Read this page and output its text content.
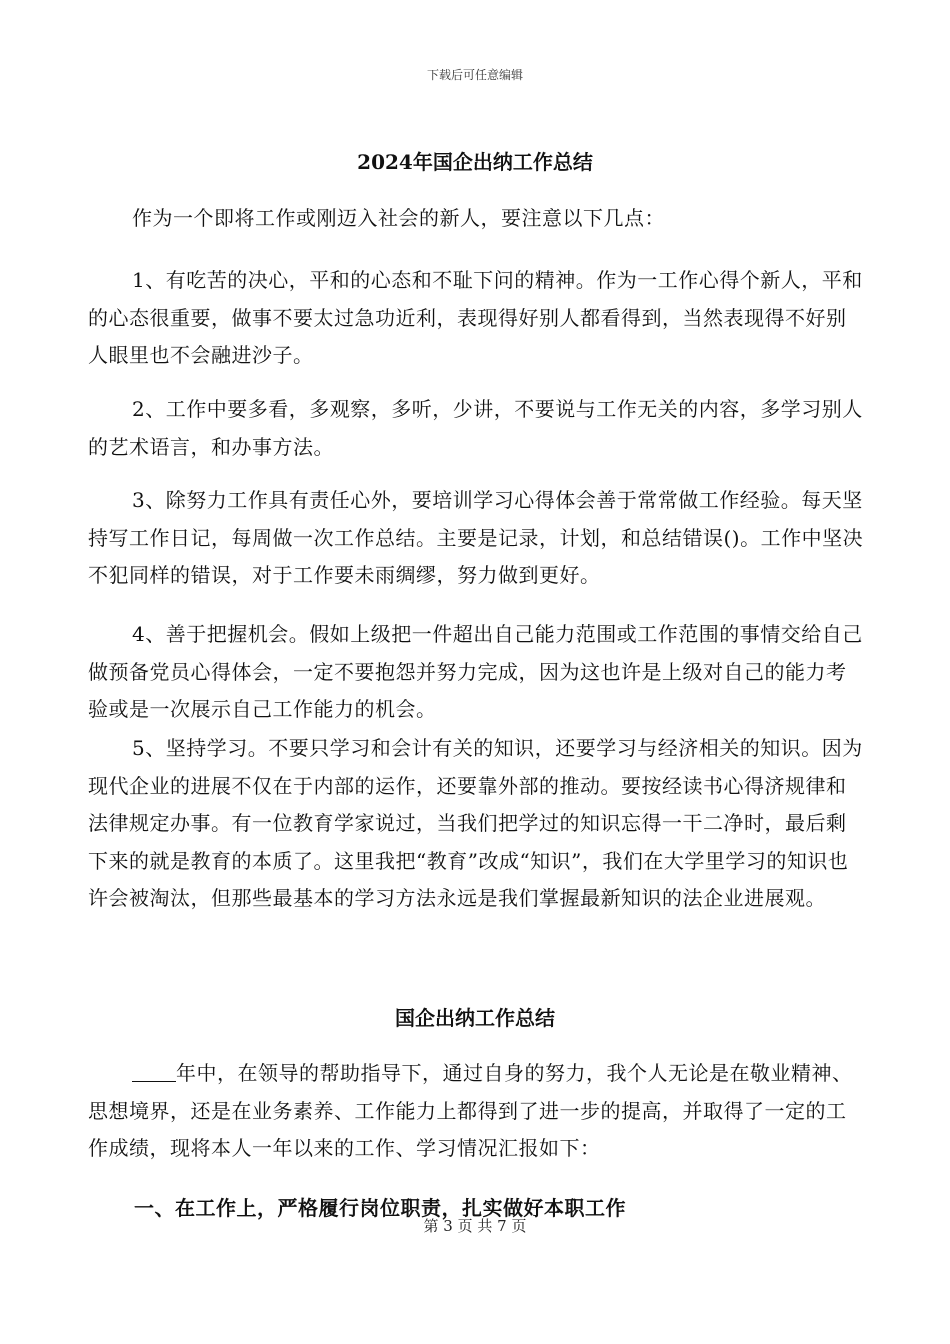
下载后可任意编辑
2024年国企出纳工作总结
作为一个即将工作或刚迈入社会的新人，要注意以下几点：
1、有吃苦的决心，平和的心态和不耻下问的精神。作为一工作心得个新人，平和的心态很重要，做事不要太过急功近利，表现得好别人都看得到，当然表现得不好别人眼里也不会融进沙子。
2、工作中要多看，多观察，多听，少讲，不要说与工作无关的内容，多学习别人的艺术语言，和办事方法。
3、除努力工作具有责任心外，要培训学习心得体会善于常常做工作经验。每天坚持写工作日记，每周做一次工作总结。主要是记录，计划，和总结错误()。工作中坚决不犯同样的错误，对于工作要未雨绸缪，努力做到更好。
4、善于把握机会。假如上级把一件超出自己能力范围或工作范围的事情交给自己做预备党员心得体会，一定不要抱怨并努力完成，因为这也许是上级对自己的能力考验或是一次展示自己工作能力的机会。
5、坚持学习。不要只学习和会计有关的知识，还要学习与经济相关的知识。因为现代企业的进展不仅在于内部的运作，还要靠外部的推动。要按经读书心得济规律和法律规定办事。有一位教育学家说过，当我们把学过的知识忘得一干二净时，最后剩下来的就是教育的本质了。这里我把“教育”改成“知识”，我们在大学里学习的知识也许会被淘汰，但那些最基本的学习方法永远是我们掌握最新知识的法企业进展观。
国企出纳工作总结
年中，在领导的帮助指导下，通过自身的努力，我个人无论是在敬业精神、思想境界，还是在业务素养、工作能力上都得到了进一步的提高，并取得了一定的工作成绩，现将本人一年以来的工作、学习情况汇报如下：
一、在工作上，严格履行岗位职责，扎实做好本职工作
第 3 页 共 7 页
